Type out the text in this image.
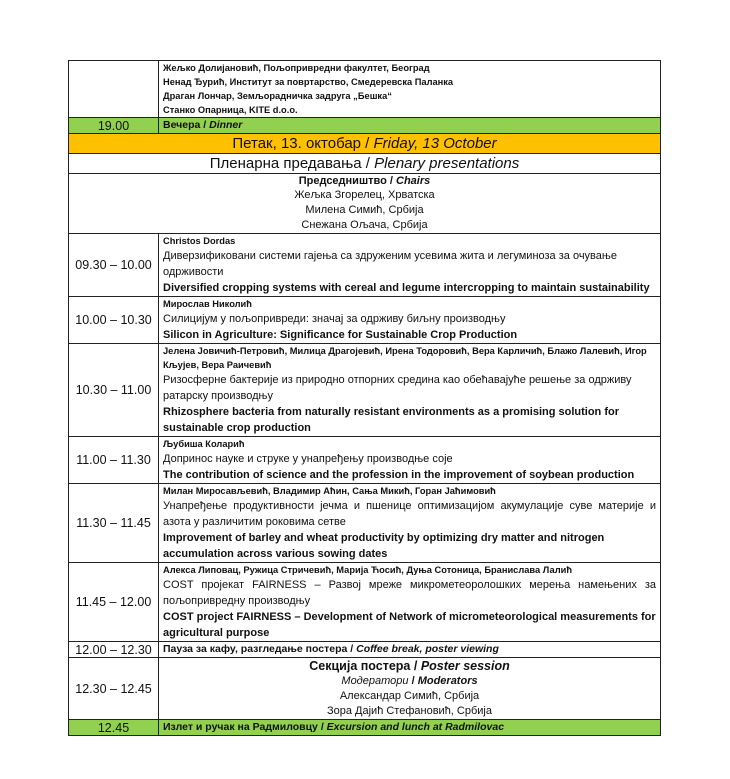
	Жељко Долијановић, Пољопривредни факултет, Београд
Ненад Ђурић, Институт за повртарство, Смедеревска Паланка
Драган Лончар, Земљорадничка задруга „Бешка“
Станко Опарница, KITE d.o.o.

19.00	Вечера / Dinner
Петак, 13. октобар / Friday, 13 October	
Пленарна предавања / Plenary presentations	

Председништво / Chairs
Жељка Згорелец, Хрватска
Милена Симић, Србија
Снежана Ољача, Србија	

09.30 – 10.00	Christos Dordas
Диверзификовани системи гајења са здруженим усевима жита и легуминоза за очување одрживости
Diversified cropping systems with cereal and legume intercropping to maintain sustainability

10.00 – 10.30	Мирослав Николић
Силицијум у пољопривреди: значај за одрживу биљну производњу
Silicon in Agriculture: Significance for Sustainable Crop Production

10.30 – 11.00	Јелена Јовичић-Петровић, Милица Драгојевић, Ирена Тодоровић, Вера Карличић, Блажо Лалевић, Игор Кљујев, Вера Раичевић
Ризосферне бактерије из природно отпорних средина као обећавајуће решење за одрживу ратарску производњу
Rhizosphere bacteria from naturally resistant environments as a promising solution for sustainable crop production

11.00 – 11.30	Љубиша Коларић
Допринос науке и струке у унапређењу производње соје
The contribution of science and the profession in the improvement of soybean production

11.30 – 11.45	Милан Миросављевић, Владимир Аћин, Сања Микић, Горан Јаћимовић
Унапређење продуктивности јечма и пшенице оптимизацијом акумулације суве материје и азота у различитим роковима сетве
Improvement of barley and wheat productivity by optimizing dry matter and nitrogen accumulation across various sowing dates

11.45 – 12.00	Алекса Липовац, Ружица Стричевић, Марија Ћосић, Дуња Сотоница, Бранислава Лалић
COST пројекат FAIRNESS – Развој мреже микрометеоролошких мерења намењених за пољопривредну производњу
COST project FAIRNESS – Development of Network of micrometeorological measurements for agricultural purpose

12.00 – 12.30	Пауза за кафу, разгледање постера / Coffee break, poster viewing
12.30 – 12.45	Секција постера / Poster session
Модератори / Moderators
Александар Симић, Србија
Зора Дајић Стефановић, Србија

12.45	Излет и ручак на Радмиловцу / Excursion and lunch at Radmilovac
